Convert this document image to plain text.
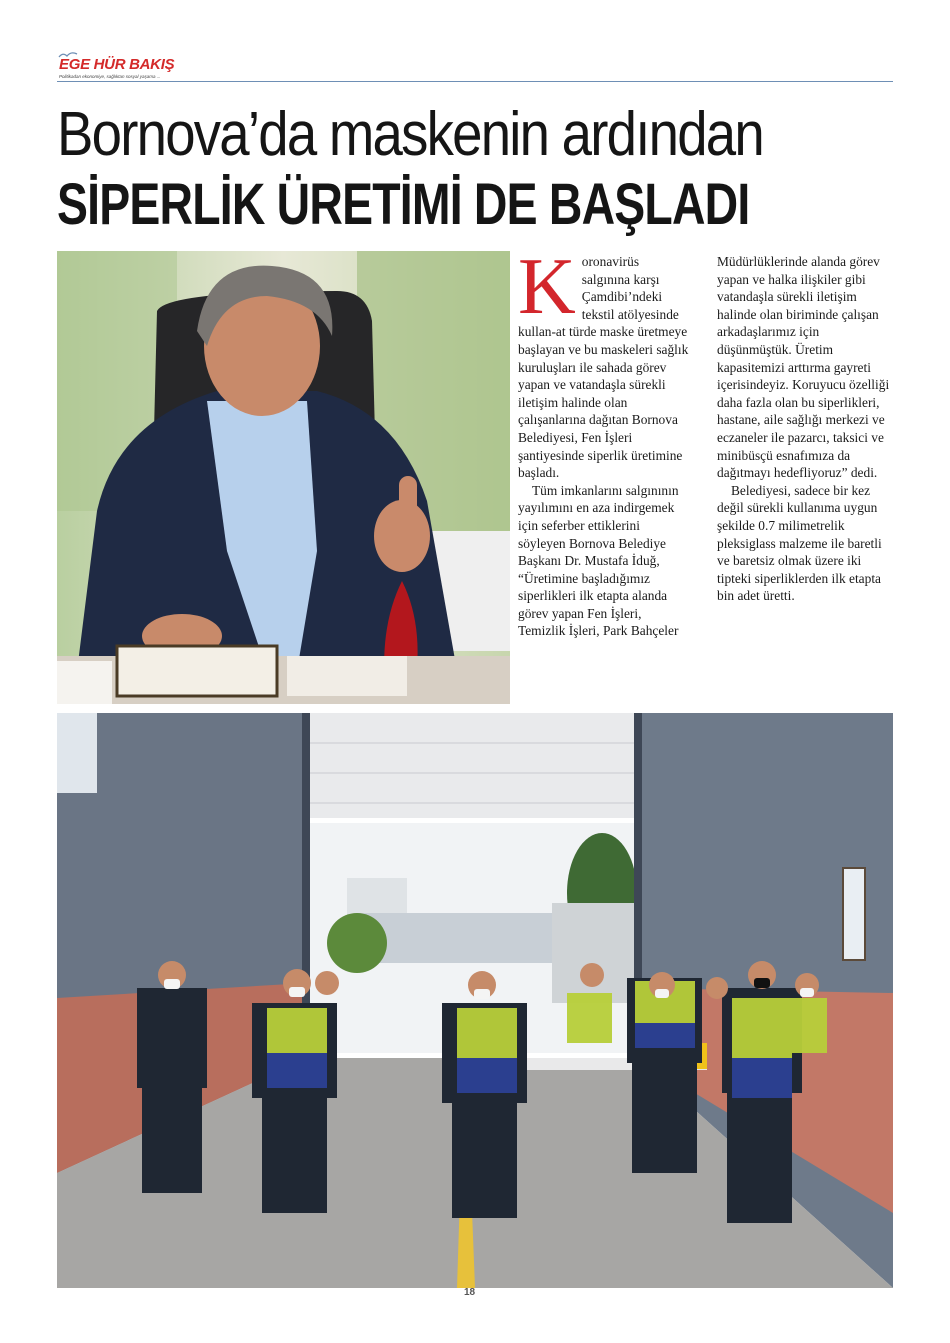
EGE HÜR BAKIŞ
Politikadan ekonomiye, sağlıktan sosyal yaşama ...
Bornova’da maskenin ardından
SİPERLİK ÜRETİMİ DE BAŞLADI
K oronavirüs salgınına karşı Çamdibi’ndeki tekstil atölyesinde kullan-at türde maske üretmeye başlayan ve bu maskeleri sağlık kuruluşları ile sahada görev yapan ve vatandaşla sürekli iletişim halinde olan çalışanlarına dağıtan Bornova Belediyesi, Fen İşleri şantiyesinde siperlik üretimine başladı.

Tüm imkanlarını salgınının yayılımını en aza indirgemek için seferber ettiklerini söyleyen Bornova Belediye Başkanı Dr. Mustafa İduğ, “Üretimine başladığımız siperlikleri ilk etapta alanda görev yapan Fen İşleri, Temizlik İşleri, Park Bahçeler

Müdürlüklerinde alanda görev yapan ve halka ilişkiler gibi vatandaşla sürekli iletişim halinde olan biriminde çalışan arkadaşlarımız için düşünmüştük. Üretim kapasitemizi arttırma gayreti içerisindeyiz. Koruyucu özelliği daha fazla olan bu siperlikleri, hastane, aile sağlığı merkezi ve eczaneler ile pazarcı, taksici ve minibüsçü esnafımıza da dağıtmayı hedefliyoruz” dedi.

Belediyesi, sadece bir kez değil sürekli kullanıma uygun şekilde 0.7 milimetrelik pleksiglass malzeme ile baretli ve baretsiz olmak üzere iki tipteki siperliklerden ilk etapta bin adet üretti.

18
